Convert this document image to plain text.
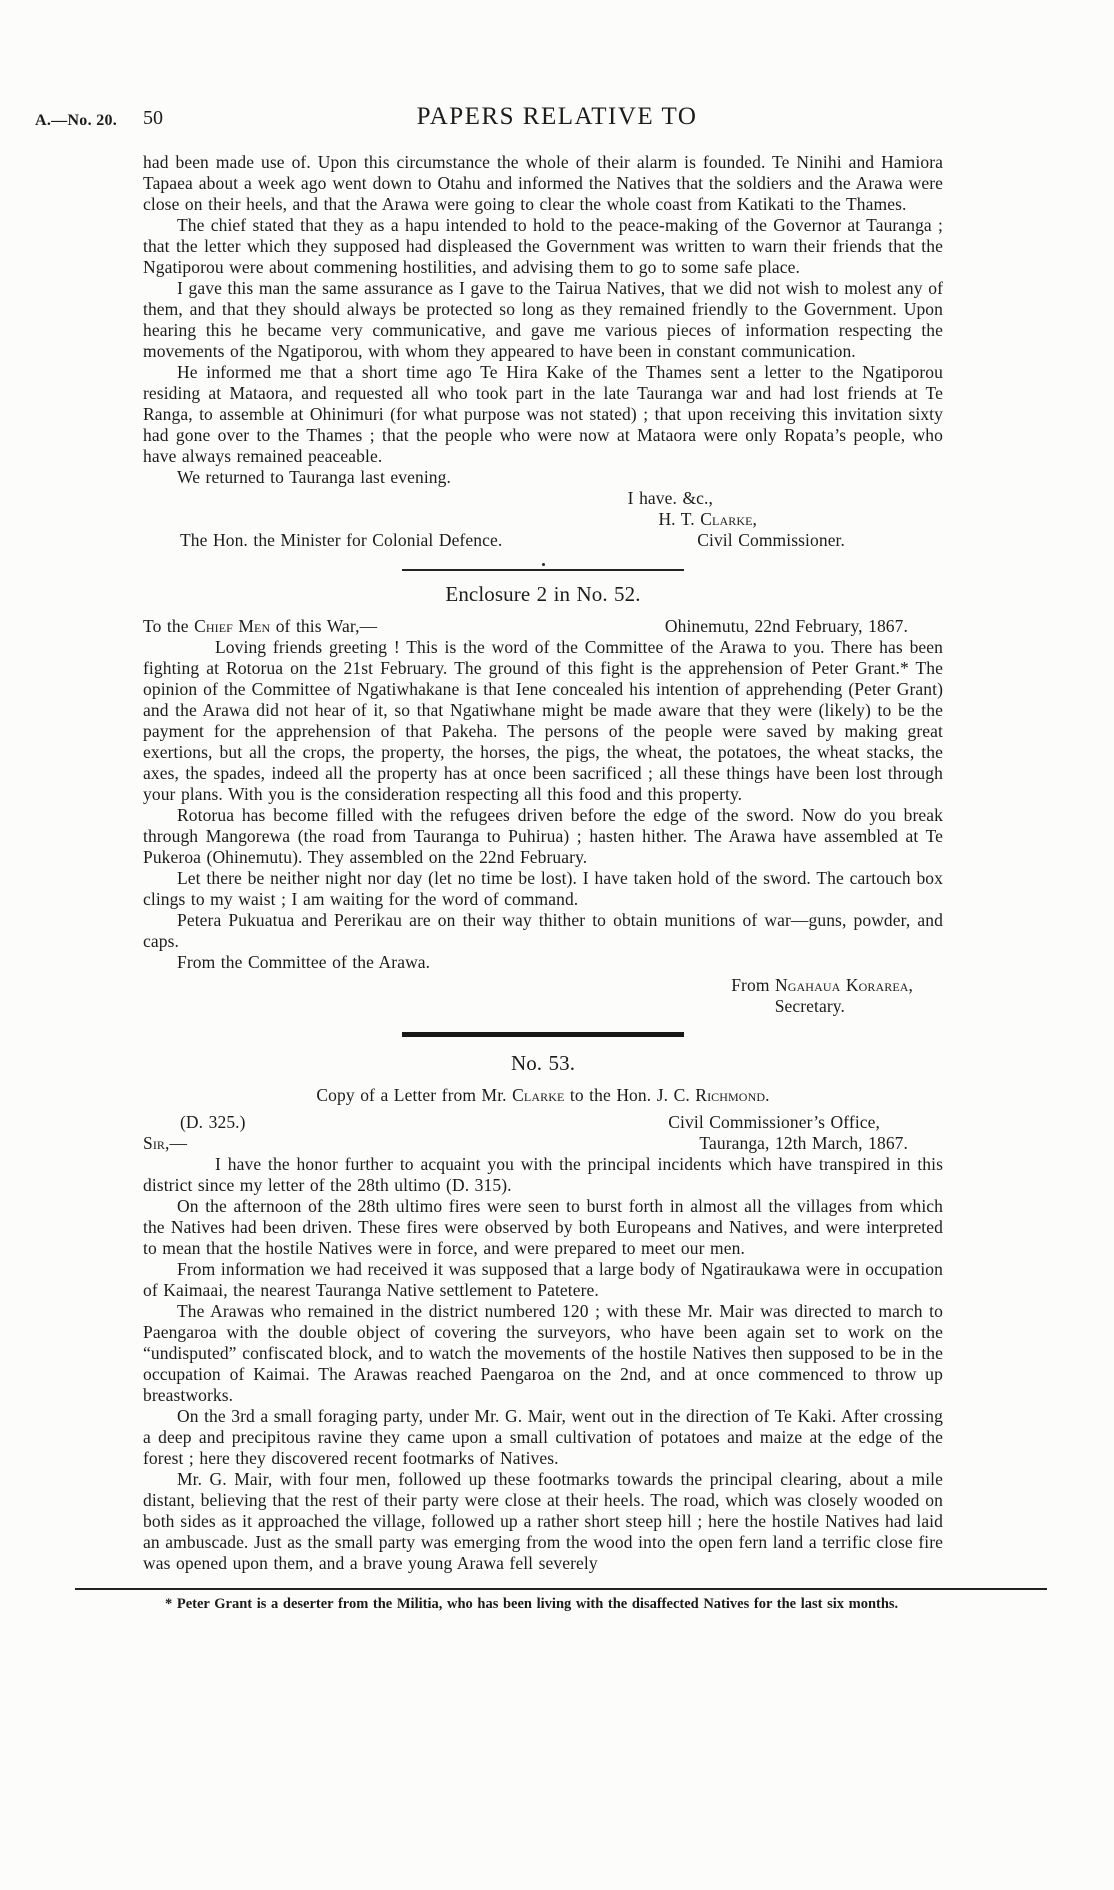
A.—No. 20. 50	PAPERS RELATIVE TO

had been made use of. Upon this circumstance the whole of their alarm is founded. Te Ninihi and Hamiora Tapaea about a week ago went down to Otahu and informed the Natives that the soldiers and the Arawa were close on their heels, and that the Arawa were going to clear the whole coast from Katikati to the Thames.

The chief stated that they as a hapu intended to hold to the peace-making of the Governor at Tauranga ; that the letter which they supposed had displeased the Government was written to warn their friends that the Ngatiporou were about commening hostilities, and advising them to go to some safe place.

I gave this man the same assurance as I gave to the Tairua Natives, that we did not wish to molest any of them, and that they should always be protected so long as they remained friendly to the Government. Upon hearing this he became very communicative, and gave me various pieces of information respecting the movements of the Ngatiporou, with whom they appeared to have been in constant communication.

He informed me that a short time ago Te Hira Kake of the Thames sent a letter to the Ngatiporou residing at Mataora, and requested all who took part in the late Tauranga war and had lost friends at Te Ranga, to assemble at Ohinimuri (for what purpose was not stated) ; that upon receiving this invitation sixty had gone over to the Thames ; that the people who were now at Mataora were only Ropata’s people, who have always remained peaceable.

We returned to Tauranga last evening.

I have. &c.,
H. T. Clarke,
The Hon. the Minister for Colonial Defence.	Civil Commissioner.

Enclosure 2 in No. 52.

To the Chief Men of this War,—	Ohinemutu, 22nd February, 1867.

Loving friends greeting ! This is the word of the Committee of the Arawa to you. There has been fighting at Rotorua on the 21st February. The ground of this fight is the apprehension of Peter Grant.* The opinion of the Committee of Ngatiwhakane is that Iene concealed his intention of apprehending (Peter Grant) and the Arawa did not hear of it, so that Ngatiwhane might be made aware that they were (likely) to be the payment for the apprehension of that Pakeha. The persons of the people were saved by making great exertions, but all the crops, the property, the horses, the pigs, the wheat, the potatoes, the wheat stacks, the axes, the spades, indeed all the property has at once been sacrificed ; all these things have been lost through your plans. With you is the consideration respecting all this food and this property.

Rotorua has become filled with the refugees driven before the edge of the sword. Now do you break through Mangorewa (the road from Tauranga to Puhirua) ; hasten hither. The Arawa have assembled at Te Pukeroa (Ohinemutu). They assembled on the 22nd February.

Let there be neither night nor day (let no time be lost). I have taken hold of the sword. The cartouch box clings to my waist ; I am waiting for the word of command.

Petera Pukuatua and Pererikau are on their way thither to obtain munitions of war—guns, powder, and caps.

From the Committee of the Arawa.

From Ngahaua Korarea,
Secretary.

No. 53.

Copy of a Letter from Mr. Clarke to the Hon. J. C. Richmond.

(D. 325.)	Civil Commissioner’s Office,
Sir,—	Tauranga, 12th March, 1867.

I have the honor further to acquaint you with the principal incidents which have transpired in this district since my letter of the 28th ultimo (D. 315).

On the afternoon of the 28th ultimo fires were seen to burst forth in almost all the villages from which the Natives had been driven. These fires were observed by both Europeans and Natives, and were interpreted to mean that the hostile Natives were in force, and were prepared to meet our men.

From information we had received it was supposed that a large body of Ngatiraukawa were in occupation of Kaimaai, the nearest Tauranga Native settlement to Patetere.

The Arawas who remained in the district numbered 120 ; with these Mr. Mair was directed to march to Paengaroa with the double object of covering the surveyors, who have been again set to work on the “undisputed” confiscated block, and to watch the movements of the hostile Natives then supposed to be in the occupation of Kaimai. The Arawas reached Paengaroa on the 2nd, and at once commenced to throw up breastworks.

On the 3rd a small foraging party, under Mr. G. Mair, went out in the direction of Te Kaki. After crossing a deep and precipitous ravine they came upon a small cultivation of potatoes and maize at the edge of the forest ; here they discovered recent footmarks of Natives.

Mr. G. Mair, with four men, followed up these footmarks towards the principal clearing, about a mile distant, believing that the rest of their party were close at their heels. The road, which was closely wooded on both sides as it approached the village, followed up a rather short steep hill ; here the hostile Natives had laid an ambuscade. Just as the small party was emerging from the wood into the open fern land a terrific close fire was opened upon them, and a brave young Arawa fell severely

* Peter Grant is a deserter from the Militia, who has been living with the disaffected Natives for the last six months.
